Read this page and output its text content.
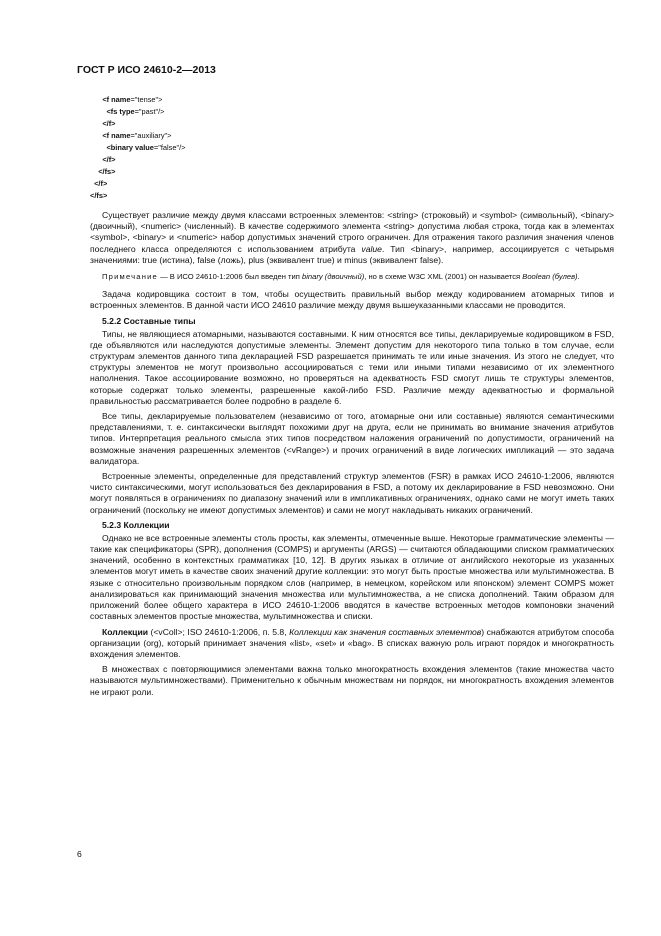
ГОСТ Р ИСО 24610-2—2013
<f name="tense">
<fs type="past"/>
</f>
<f name="auxiliary">
<binary value="false"/>
</f>
</fs>
</f>
</fs>

Существует различие между двумя классами встроенных элементов: <string> (строковый) и <symbol> (символьный), <binary> (двоичный), <numeric> (численный). В качестве содержимого элемента <string> допустима любая строка, тогда как в элементах <symbol>, <binary> и <numeric> набор допустимых значений строго ограничен. Для отражения такого различия значения членов последнего класса определяются с использованием атрибута value. Тип <binary>, например, ассоциируется с четырьмя значениями: true (истина), false (ложь), plus (эквивалент true) и minus (эквивалент false).

Примечание — В ИСО 24610-1:2006 был введен тип binary (двоичный), но в схеме W3C XML (2001) он называется Boolean (булев).

Задача кодировщика состоит в том, чтобы осуществить правильный выбор между кодированием атомарных типов и встроенных элементов. В данной части ИСО 24610 различие между двумя вышеуказанными классами не проводится.

5.2.2 Составные типы

Типы, не являющиеся атомарными, называются составными. К ним относятся все типы, декларируемые кодировщиком в FSD, где объявляются или наследуются допустимые элементы. Элемент допустим для некоторого типа только в том случае, если структурам элементов данного типа декларацией FSD разрешается принимать те или иные значения. Из этого не следует, что структуры элементов не могут произвольно ассоциироваться с теми или иными типами независимо от их элементного наполнения. Такое ассоциирование возможно, но проверяться на адекватность FSD смогут лишь те структуры элементов, которые содержат только элементы, разрешенные какой-либо FSD. Различие между адекватностью и формальной правильностью рассматривается более подробно в разделе 6.

Все типы, декларируемые пользователем (независимо от того, атомарные они или составные) являются семантическими представлениями, т. е. синтаксически выглядят похожими друг на друга, если не принимать во внимание значения атрибутов типов. Интерпретация реального смысла этих типов посредством наложения ограничений по допустимости, ограничений на возможные значения разрешенных элементов (<vRange>) и прочих ограничений в виде логических импликаций — это задача валидатора.

Встроенные элементы, определенные для представлений структур элементов (FSR) в рамках ИСО 24610-1:2006, являются чисто синтаксическими, могут использоваться без декларирования в FSD, а потому их декларирование в FSD невозможно. Они могут появляться в ограничениях по диапазону значений или в импликативных ограничениях, однако сами не могут иметь таких ограничений (поскольку не имеют допустимых элементов) и сами не могут накладывать никаких ограничений.

5.2.3 Коллекции

Однако не все встроенные элементы столь просты, как элементы, отмеченные выше. Некоторые грамматические элементы — такие как спецификаторы (SPR), дополнения (COMPS) и аргументы (ARGS) — считаются обладающими списком грамматических значений, особенно в контекстных грамматиках [10, 12]. В других языках в отличие от английского некоторые из указанных элементов могут иметь в качестве своих значений другие коллекции: это могут быть простые множества или мультимножества. В языке с относительно произвольным порядком слов (например, в немецком, корейском или японском) элемент COMPS может анализироваться как принимающий значения множества или мультимножества, а не списка дополнений. Таким образом для приложений более общего характера в ИСО 24610-1:2006 вводятся в качестве встроенных методов компоновки значений составных элементов простые множества, мультимножества и списки.

Коллекции (<vColl>; ISO 24610-1:2006, п. 5.8, Коллекции как значения составных элементов) снабжаются атрибутом способа организации (org), который принимает значения «list», «set» и «bag». В списках важную роль играют порядок и многократность вхождения элементов.

В множествах с повторяющимися элементами важна только многократность вхождения элементов (такие множества часто называются мультимножествами). Применительно к обычным множествам ни порядок, ни многократность вхождения элементов не играют роли.

6
